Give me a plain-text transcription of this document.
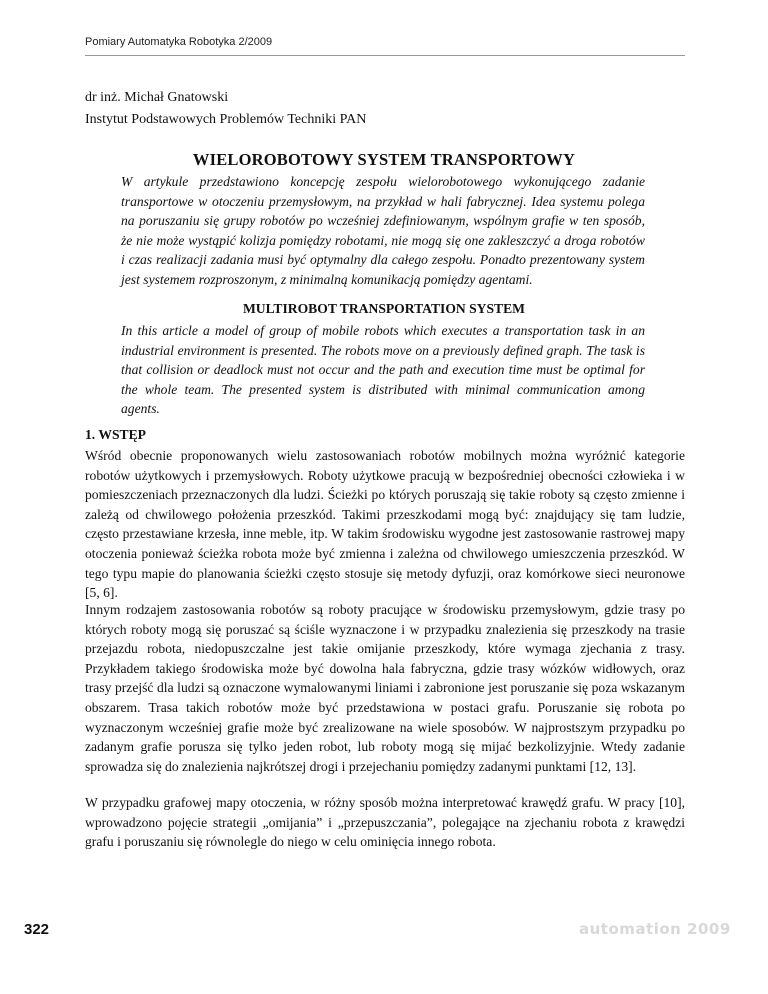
Pomiary Automatyka Robotyka 2/2009
dr inż. Michał Gnatowski
Instytut Podstawowych Problemów Techniki PAN
WIELOROBOTOWY SYSTEM TRANSPORTOWY
W artykule przedstawiono koncepcję zespołu wielorobotowego wykonującego zadanie transportowe w otoczeniu przemysłowym, na przykład w hali fabrycznej. Idea systemu polega na poruszaniu się grupy robotów po wcześniej zdefiniowanym, wspólnym grafie w ten sposób, że nie może wystąpić kolizja pomiędzy robotami, nie mogą się one zakleszczyć a droga robotów i czas realizacji zadania musi być optymalny dla całego zespołu. Ponadto prezentowany system jest systemem rozproszonym, z minimalną komunikacją pomiędzy agentami.
MULTIROBOT TRANSPORTATION SYSTEM
In this article a model of group of mobile robots which executes a transportation task in an industrial environment is presented. The robots move on a previously defined graph. The task is that collision or deadlock must not occur and the path and execution time must be optimal for the whole team. The presented system is distributed with minimal communication among agents.
1. WSTĘP
Wśród obecnie proponowanych wielu zastosowaniach robotów mobilnych można wyróżnić kategorie robotów użytkowych i przemysłowych. Roboty użytkowe pracują w bezpośredniej obecności człowieka i w pomieszczeniach przeznaczonych dla ludzi. Ścieżki po których poruszają się takie roboty są często zmienne i zależą od chwilowego położenia przeszkód. Takimi przeszkodami mogą być: znajdujący się tam ludzie, często przestawiane krzesła, inne meble, itp. W takim środowisku wygodne jest zastosowanie rastrowej mapy otoczenia ponieważ ścieżka robota może być zmienna i zależna od chwilowego umieszczenia przeszkód. W tego typu mapie do planowania ścieżki często stosuje się metody dyfuzji, oraz komórkowe sieci neuronowe [5, 6].
Innym rodzajem zastosowania robotów są roboty pracujące w środowisku przemysłowym, gdzie trasy po których roboty mogą się poruszać są ściśle wyznaczone i w przypadku znalezienia się przeszkody na trasie przejazdu robota, niedopuszczalne jest takie omijanie przeszkody, które wymaga zjechania z trasy. Przykładem takiego środowiska może być dowolna hala fabryczna, gdzie trasy wózków widłowych, oraz trasy przejść dla ludzi są oznaczone wymalowanymi liniami i zabronione jest poruszanie się poza wskazanym obszarem. Trasa takich robotów może być przedstawiona w postaci grafu. Poruszanie się robota po wyznaczonym wcześniej grafie może być zrealizowane na wiele sposobów. W najprostszym przypadku po zadanym grafie porusza się tylko jeden robot, lub roboty mogą się mijać bezkolizyjnie. Wtedy zadanie sprowadza się do znalezienia najkrótszej drogi i przejechaniu pomiędzy zadanymi punktami [12, 13].
W przypadku grafowej mapy otoczenia, w różny sposób można interpretować krawędź grafu. W pracy [10], wprowadzono pojęcie strategii „omijania” i „przepuszczania”, polegające na zjechaniu robota z krawędzi grafu i poruszaniu się równolegle do niego w celu ominięcia innego robota.
322	automation 2009
